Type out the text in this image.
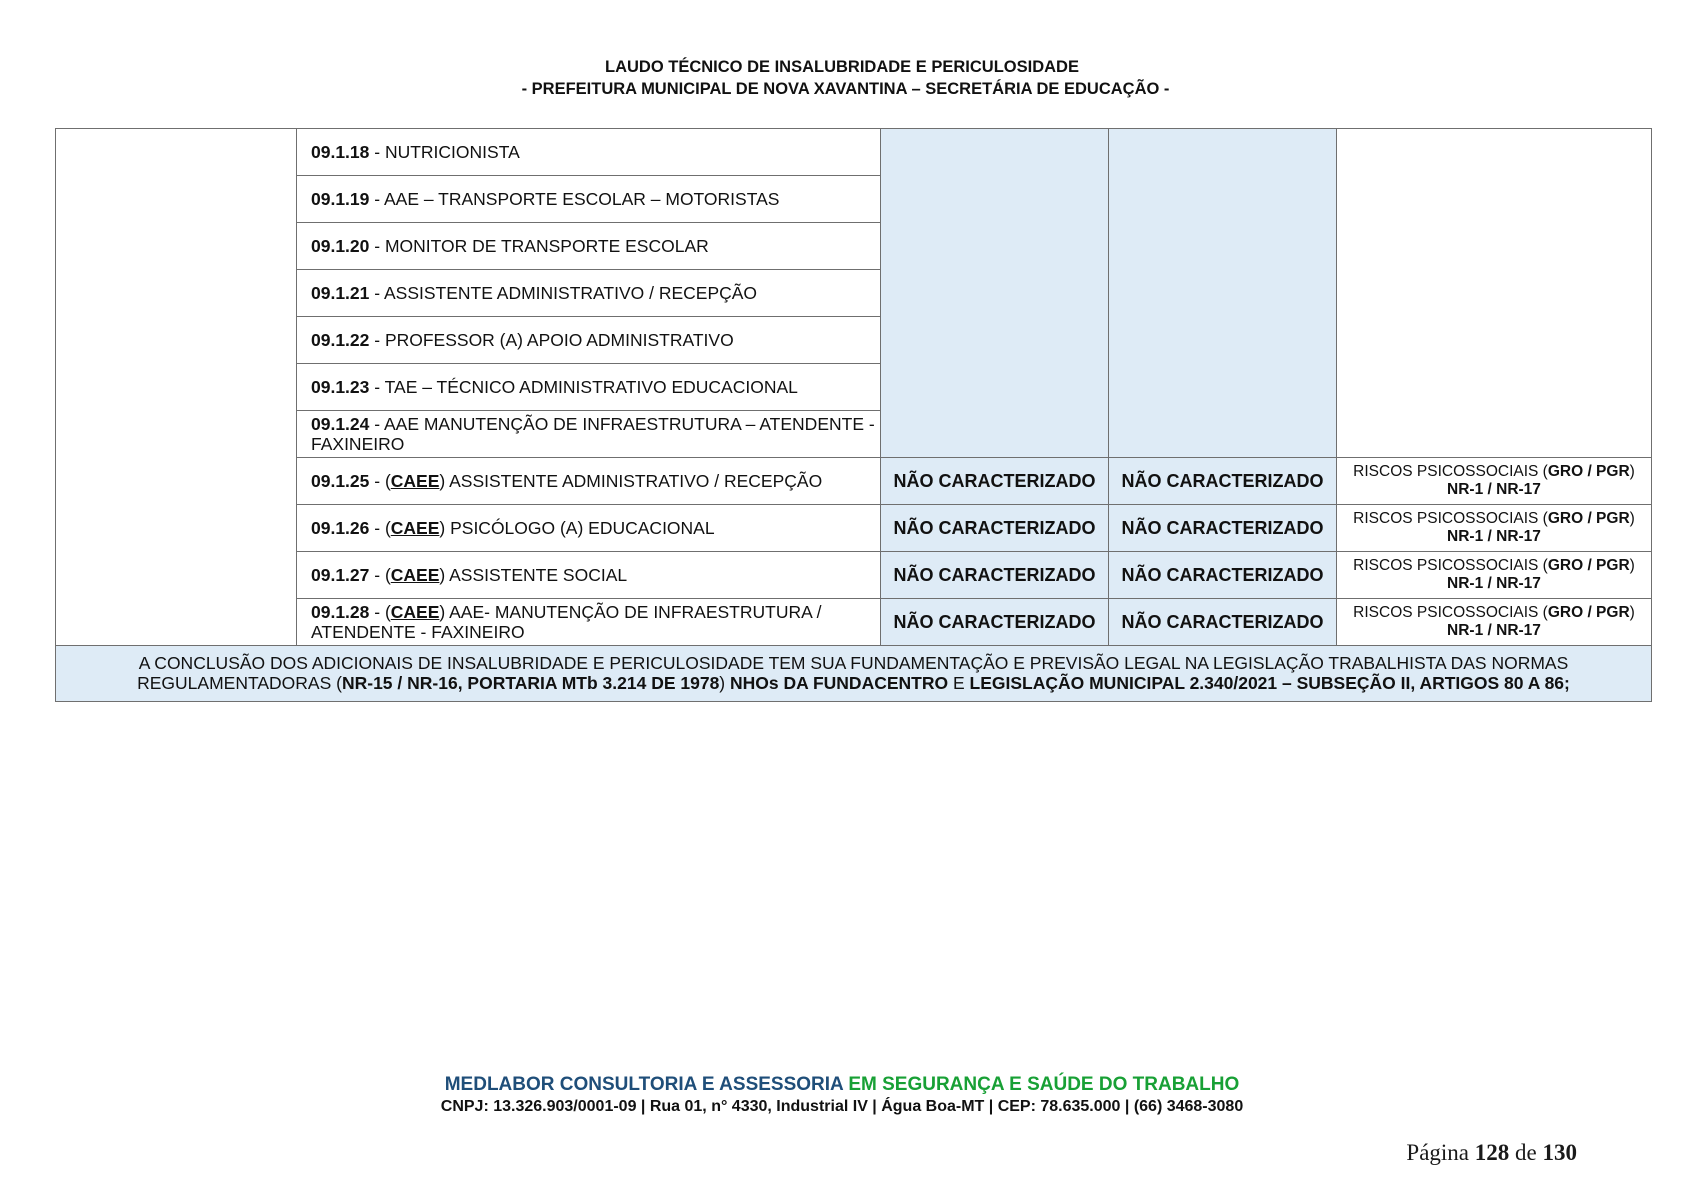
LAUDO TÉCNICO DE INSALUBRIDADE E PERICULOSIDADE
- PREFEITURA MUNICIPAL DE NOVA XAVANTINA – SECRETÁRIA DE EDUCAÇÃO -
	09.1.18 - NUTRICIONISTA			
	09.1.19 - AAE – TRANSPORTE ESCOLAR – MOTORISTAS			
	09.1.20 - MONITOR DE TRANSPORTE ESCOLAR			
	09.1.21 - ASSISTENTE ADMINISTRATIVO / RECEPÇÃO			
	09.1.22 - PROFESSOR (A) APOIO ADMINISTRATIVO			
	09.1.23 - TAE – TÉCNICO ADMINISTRATIVO EDUCACIONAL			
	09.1.24 - AAE MANUTENÇÃO DE INFRAESTRUTURA – ATENDENTE - FAXINEIRO			
	09.1.25 - (CAEE) ASSISTENTE ADMINISTRATIVO / RECEPÇÃO	NÃO CARACTERIZADO	NÃO CARACTERIZADO	RISCOS PSICOSSOCIAIS (GRO / PGR)
NR-1 / NR-17
	09.1.26 - (CAEE) PSICÓLOGO (A) EDUCACIONAL	NÃO CARACTERIZADO	NÃO CARACTERIZADO	RISCOS PSICOSSOCIAIS (GRO / PGR)
NR-1 / NR-17
	09.1.27 - (CAEE) ASSISTENTE SOCIAL	NÃO CARACTERIZADO	NÃO CARACTERIZADO	RISCOS PSICOSSOCIAIS (GRO / PGR)
NR-1 / NR-17
	09.1.28 - (CAEE) AAE- MANUTENÇÃO DE INFRAESTRUTURA / ATENDENTE - FAXINEIRO	NÃO CARACTERIZADO	NÃO CARACTERIZADO	RISCOS PSICOSSOCIAIS (GRO / PGR)
NR-1 / NR-17
A CONCLUSÃO DOS ADICIONAIS DE INSALUBRIDADE E PERICULOSIDADE TEM SUA FUNDAMENTAÇÃO E PREVISÃO LEGAL NA LEGISLAÇÃO TRABALHISTA DAS NORMAS REGULAMENTADORAS (NR-15 / NR-16, PORTARIA MTb 3.214 DE 1978) NHOs DA FUNDACENTRO E LEGISLAÇÃO MUNICIPAL 2.340/2021 – SUBSEÇÃO II, ARTIGOS 80 A 86;				
MEDLABOR CONSULTORIA E ASSESSORIA EM SEGURANÇA E SAÚDE DO TRABALHO
CNPJ: 13.326.903/0001-09 | Rua 01, n° 4330, Industrial IV | Água Boa-MT | CEP: 78.635.000 | (66) 3468-3080
Página 128 de 130
